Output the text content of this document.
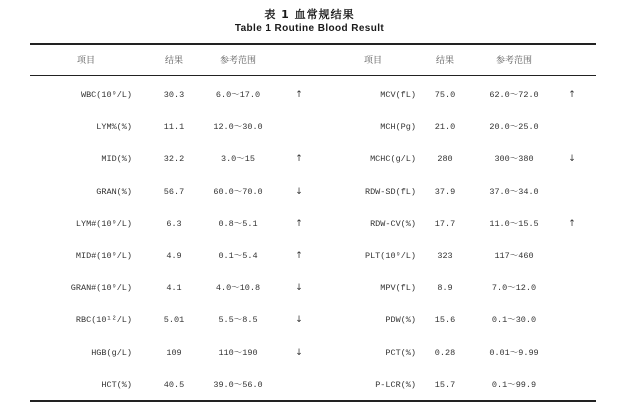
表 1 血常规结果
Table 1 Routine Blood Result
项目	结果	参考范围	项目	结果	参考范围
WBC(10⁹/L)	30.3	6.0～17.0	↑	MCV(fL)	75.0	62.0～72.0	↑
LYM%(%)	11.1	12.0～30.0	MCH(Pg)	21.0	20.0～25.0
MID(%)	32.2	3.0～15	↑	MCHC(g/L)	280	300～380	↓
GRAN(%)	56.7	60.0～70.0	↓	RDW-SD(fL)	37.9	37.0～34.0
LYM#(10⁹/L)	6.3	0.8～5.1	↑	RDW-CV(%)	17.7	11.0～15.5	↑
MID#(10⁹/L)	4.9	0.1～5.4	↑	PLT(10⁹/L)	323	117～460
GRAN#(10⁹/L)	4.1	4.0～10.8	↓	MPV(fL)	8.9	7.0～12.0
RBC(10¹²/L)	5.01	5.5～8.5	↓	PDW(%)	15.6	0.1～30.0
HGB(g/L)	109	110～190	↓	PCT(%)	0.28	0.01～9.99
HCT(%)	40.5	39.0～56.0	P-LCR(%)	15.7	0.1～99.9
